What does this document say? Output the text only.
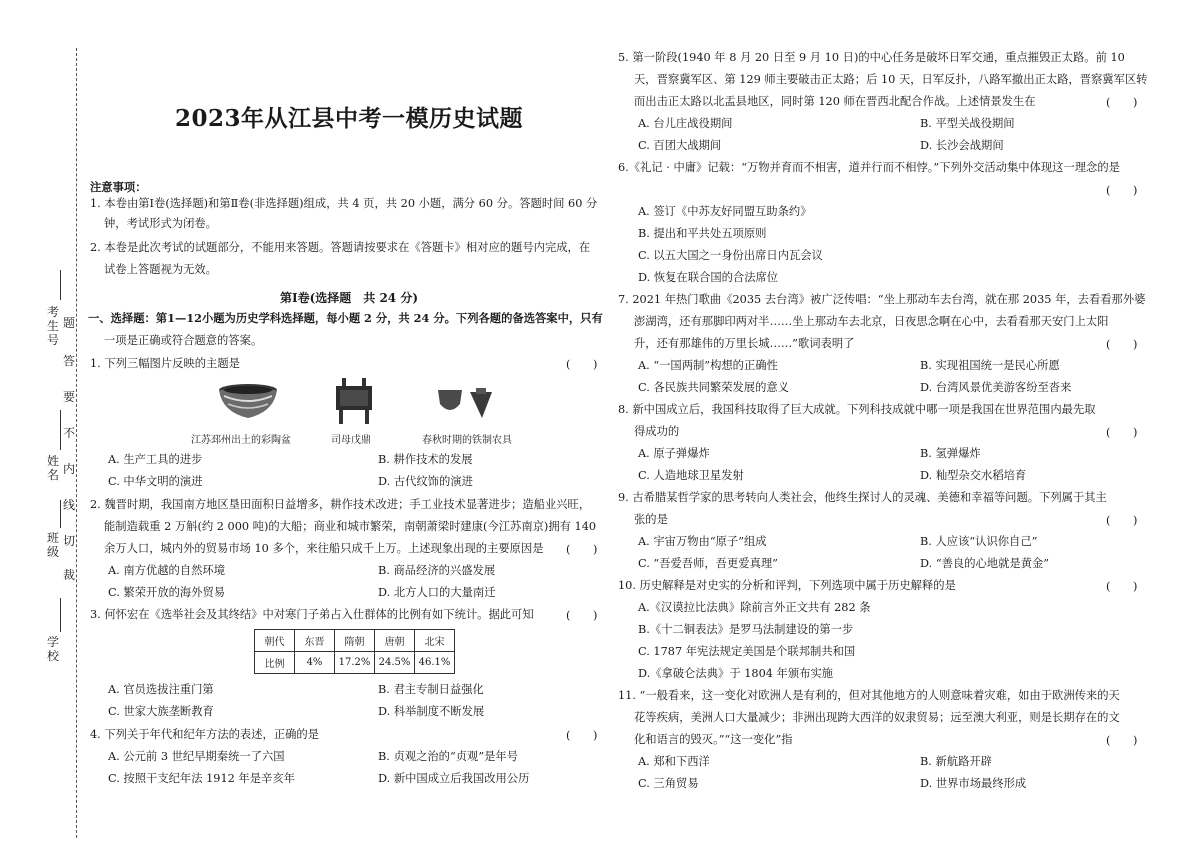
考生号
姓名
班级
学校
题
答
要
不
内
线
切
裁
2023年从江县中考一模历史试题
注意事项：
1. 本卷由第Ⅰ卷(选择题)和第Ⅱ卷(非选择题)组成，共 4 页，共 20 小题，满分 60 分。答题时间 60 分
钟，考试形式为闭卷。
2. 本卷是此次考试的试题部分，不能用来答题。答题请按要求在《答题卡》相对应的题号内完成，在
试卷上答题视为无效。
第Ⅰ卷(选择题　共 24 分)
一、选择题：第1—12小题为历史学科选择题，每小题 2 分，共 24 分。下列各题的备选答案中，只有
一项是正确或符合题意的答案。
1. 下列三幅图片反映的主题是	(　　)
江苏邳州出土的彩陶盆	司母戊鼎	春秋时期的铁制农具
A. 生产工具的进步	B. 耕作技术的发展
C. 中华文明的演进	D. 古代纹饰的演进
2. 魏晋时期，我国南方地区垦田面积日益增多，耕作技术改进；手工业技术显著进步；造船业兴旺，
能制造载重 2 万斛(约 2 000 吨)的大船；商业和城市繁荣，南朝萧梁时建康(今江苏南京)拥有 140
余万人口，城内外的贸易市场 10 多个，来往船只成千上万。上述现象出现的主要原因是 (　　)
A. 南方优越的自然环境	B. 商品经济的兴盛发展
C. 繁荣开放的海外贸易	D. 北方人口的大量南迁
3. 何怀宏在《选举社会及其终结》中对寒门子弟占入仕群体的比例有如下统计。据此可知	(　　)
朝代	东晋	隋朝	唐朝	北宋
比例	4%	17.2%	24.5%	46.1%
A. 官员选拔注重门第	B. 君主专制日益强化
C. 世家大族垄断教育	D. 科举制度不断发展
4. 下列关于年代和纪年方法的表述，正确的是	(　　)
A. 公元前 3 世纪早期秦统一了六国	B. 贞观之治的“贞观”是年号
C. 按照干支纪年法 1912 年是辛亥年	D. 新中国成立后我国改用公历
5. 第一阶段(1940 年 8 月 20 日至 9 月 10 日)的中心任务是破坏日军交通，重点摧毁正太路。前 10
天，晋察冀军区、第 129 师主要破击正太路；后 10 天，日军反扑，八路军撤出正太路，晋察冀军区转
而出击正太路以北盂县地区，同时第 120 师在晋西北配合作战。上述情景发生在	(　　)
A. 台儿庄战役期间	B. 平型关战役期间
C. 百团大战期间	D. 长沙会战期间
6.《礼记 · 中庸》记载：“万物并育而不相害，道并行而不相悖。”下列外交活动集中体现这一理念的是
(　　)
A. 签订《中苏友好同盟互助条约》
B. 提出和平共处五项原则
C. 以五大国之一身份出席日内瓦会议
D. 恢复在联合国的合法席位
7. 2021 年热门歌曲《2035 去台湾》被广泛传唱：“坐上那动车去台湾，就在那 2035 年，去看看那外婆
澎湖湾，还有那脚印两对半……坐上那动车去北京，日夜思念啊在心中，去看看那天安门上太阳
升，还有那雄伟的万里长城……”歌词表明了	(　　)
A. “一国两制”构想的正确性	B. 实现祖国统一是民心所愿
C. 各民族共同繁荣发展的意义	D. 台湾风景优美游客纷至沓来
8. 新中国成立后，我国科技取得了巨大成就。下列科技成就中哪一项是我国在世界范围内最先取
得成功的	(　　)
A. 原子弹爆炸	B. 氢弹爆炸
C. 人造地球卫星发射	D. 籼型杂交水稻培育
9. 古希腊某哲学家的思考转向人类社会，他终生探讨人的灵魂、美德和幸福等问题。下列属于其主
张的是	(　　)
A. 宇宙万物由“原子”组成	B. 人应该“认识你自己”
C. “吾爱吾师，吾更爱真理”	D. “善良的心地就是黄金”
10. 历史解释是对史实的分析和评判，下列选项中属于历史解释的是	(　　)
A.《汉谟拉比法典》除前言外正文共有 282 条
B.《十二铜表法》是罗马法制建设的第一步
C. 1787 年宪法规定美国是个联邦制共和国
D.《拿破仑法典》于 1804 年颁布实施
11. “一般看来，这一变化对欧洲人是有利的，但对其他地方的人则意味着灾难，如由于欧洲传来的天
花等疾病，美洲人口大量减少；非洲出现跨大西洋的奴隶贸易；远至澳大利亚，则是长期存在的文
化和语言的毁灭。”“这一变化”指	(　　)
A. 郑和下西洋	B. 新航路开辟
C. 三角贸易	D. 世界市场最终形成
